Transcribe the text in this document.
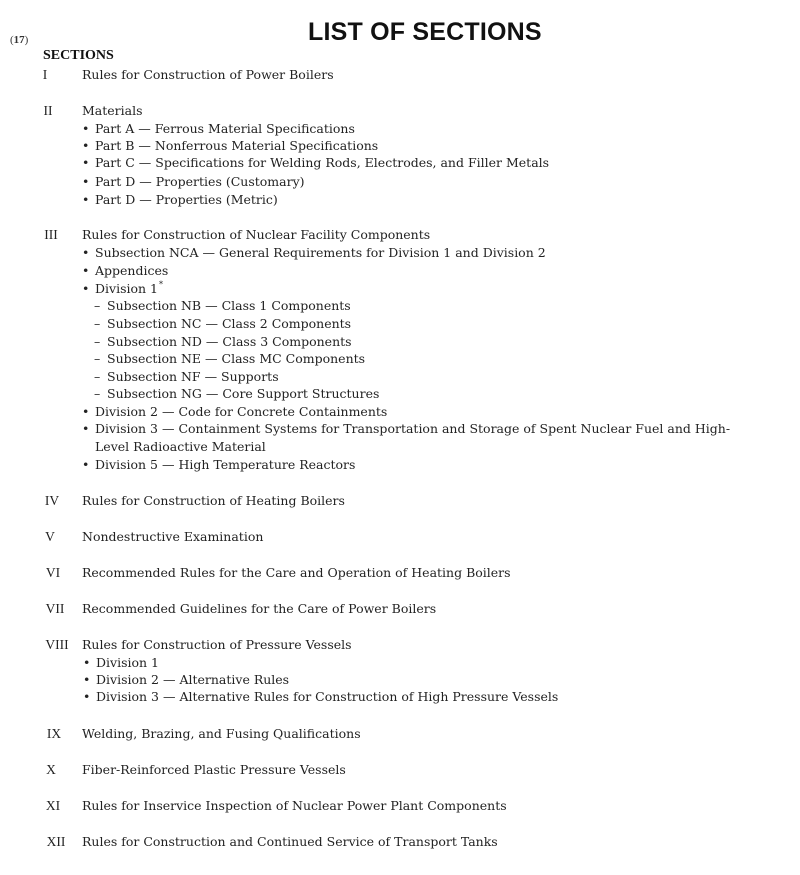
LIST OF SECTIONS
(17)
SECTIONS
I	Rules for Construction of Power Boilers
II	Materials
• Part A — Ferrous Material Specifications
• Part B — Nonferrous Material Specifications
• Part C — Specifications for Welding Rods, Electrodes, and Filler Metals
• Part D — Properties (Customary)
• Part D — Properties (Metric)
III	Rules for Construction of Nuclear Facility Components
• Subsection NCA — General Requirements for Division 1 and Division 2
• Appendices
• Division 1*
– Subsection NB — Class 1 Components
– Subsection NC — Class 2 Components
– Subsection ND — Class 3 Components
– Subsection NE — Class MC Components
– Subsection NF — Supports
– Subsection NG — Core Support Structures
• Division 2 — Code for Concrete Containments
• Division 3 — Containment Systems for Transportation and Storage of Spent Nuclear Fuel and High-Level Radioactive Material
• Division 5 — High Temperature Reactors
IV	Rules for Construction of Heating Boilers
V	Nondestructive Examination
VI	Recommended Rules for the Care and Operation of Heating Boilers
VII	Recommended Guidelines for the Care of Power Boilers
VIII	Rules for Construction of Pressure Vessels
• Division 1
• Division 2 — Alternative Rules
• Division 3 — Alternative Rules for Construction of High Pressure Vessels
IX	Welding, Brazing, and Fusing Qualifications
X	Fiber-Reinforced Plastic Pressure Vessels
XI	Rules for Inservice Inspection of Nuclear Power Plant Components
XII	Rules for Construction and Continued Service of Transport Tanks
